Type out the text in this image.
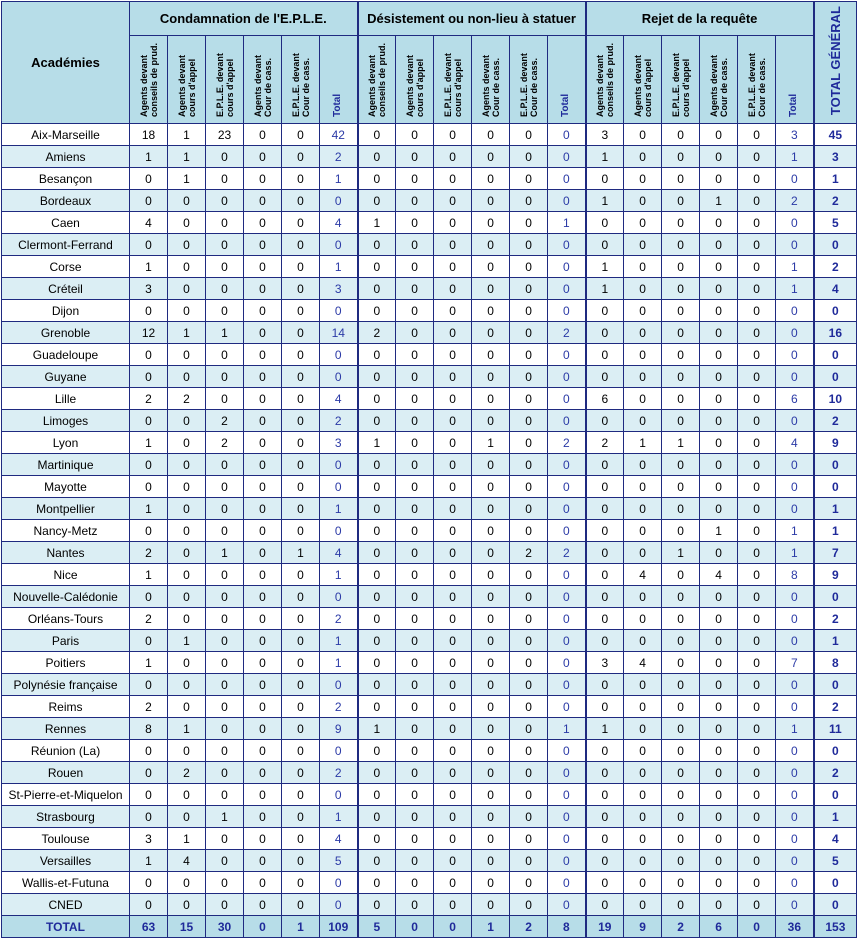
Académies	Condamnation de l'E.P.L.E.						Désistement ou non-lieu à statuer						Rejet de la requête						TOTAL GÉNÉRAL
	Agents devant conseils de prud.	Agents devant cours d'appel	E.P.L.E. devant cours d'appel	Agents devant Cour de cass.	E.P.L.E. devant Cour de cass.	Total	Agents devant conseils de prud.	Agents devant cours d'appel	E.P.L.E. devant cours d'appel	Agents devant Cour de cass.	E.P.L.E. devant Cour de cass.	Total	Agents devant conseils de prud.	Agents devant cours d'appel	E.P.L.E. devant cours d'appel	Agents devant Cour de cass.	E.P.L.E. devant Cour de cass.	Total	
Aix-Marseille	18	1	23	0	0	42	0	0	0	0	0	0	3	0	0	0	0	3	45
Amiens	1	1	0	0	0	2	0	0	0	0	0	0	1	0	0	0	0	1	3
Besançon	0	1	0	0	0	1	0	0	0	0	0	0	0	0	0	0	0	0	1
Bordeaux	0	0	0	0	0	0	0	0	0	0	0	0	1	0	0	1	0	2	2
Caen	4	0	0	0	0	4	1	0	0	0	0	1	0	0	0	0	0	0	5
Clermont-Ferrand	0	0	0	0	0	0	0	0	0	0	0	0	0	0	0	0	0	0	0
Corse	1	0	0	0	0	1	0	0	0	0	0	0	1	0	0	0	0	1	2
Créteil	3	0	0	0	0	3	0	0	0	0	0	0	1	0	0	0	0	1	4
Dijon	0	0	0	0	0	0	0	0	0	0	0	0	0	0	0	0	0	0	0
Grenoble	12	1	1	0	0	14	2	0	0	0	0	2	0	0	0	0	0	0	16
Guadeloupe	0	0	0	0	0	0	0	0	0	0	0	0	0	0	0	0	0	0	0
Guyane	0	0	0	0	0	0	0	0	0	0	0	0	0	0	0	0	0	0	0
Lille	2	2	0	0	0	4	0	0	0	0	0	0	6	0	0	0	0	6	10
Limoges	0	0	2	0	0	2	0	0	0	0	0	0	0	0	0	0	0	0	2
Lyon	1	0	2	0	0	3	1	0	0	1	0	2	2	1	1	0	0	4	9
Martinique	0	0	0	0	0	0	0	0	0	0	0	0	0	0	0	0	0	0	0
Mayotte	0	0	0	0	0	0	0	0	0	0	0	0	0	0	0	0	0	0	0
Montpellier	1	0	0	0	0	1	0	0	0	0	0	0	0	0	0	0	0	0	1
Nancy-Metz	0	0	0	0	0	0	0	0	0	0	0	0	0	0	0	1	0	1	1
Nantes	2	0	1	0	1	4	0	0	0	0	2	2	0	0	1	0	0	1	7
Nice	1	0	0	0	0	1	0	0	0	0	0	0	0	4	0	4	0	8	9
Nouvelle-Calédonie	0	0	0	0	0	0	0	0	0	0	0	0	0	0	0	0	0	0	0
Orléans-Tours	2	0	0	0	0	2	0	0	0	0	0	0	0	0	0	0	0	0	2
Paris	0	1	0	0	0	1	0	0	0	0	0	0	0	0	0	0	0	0	1
Poitiers	1	0	0	0	0	1	0	0	0	0	0	0	3	4	0	0	0	7	8
Polynésie française	0	0	0	0	0	0	0	0	0	0	0	0	0	0	0	0	0	0	0
Reims	2	0	0	0	0	2	0	0	0	0	0	0	0	0	0	0	0	0	2
Rennes	8	1	0	0	0	9	1	0	0	0	0	1	1	0	0	0	0	1	11
Réunion (La)	0	0	0	0	0	0	0	0	0	0	0	0	0	0	0	0	0	0	0
Rouen	0	2	0	0	0	2	0	0	0	0	0	0	0	0	0	0	0	0	2
St-Pierre-et-Miquelon	0	0	0	0	0	0	0	0	0	0	0	0	0	0	0	0	0	0	0
Strasbourg	0	0	1	0	0	1	0	0	0	0	0	0	0	0	0	0	0	0	1
Toulouse	3	1	0	0	0	4	0	0	0	0	0	0	0	0	0	0	0	0	4
Versailles	1	4	0	0	0	5	0	0	0	0	0	0	0	0	0	0	0	0	5
Wallis-et-Futuna	0	0	0	0	0	0	0	0	0	0	0	0	0	0	0	0	0	0	0
CNED	0	0	0	0	0	0	0	0	0	0	0	0	0	0	0	0	0	0	0
TOTAL	63	15	30	0	1	109	5	0	0	1	2	8	19	9	2	6	0	36	153
